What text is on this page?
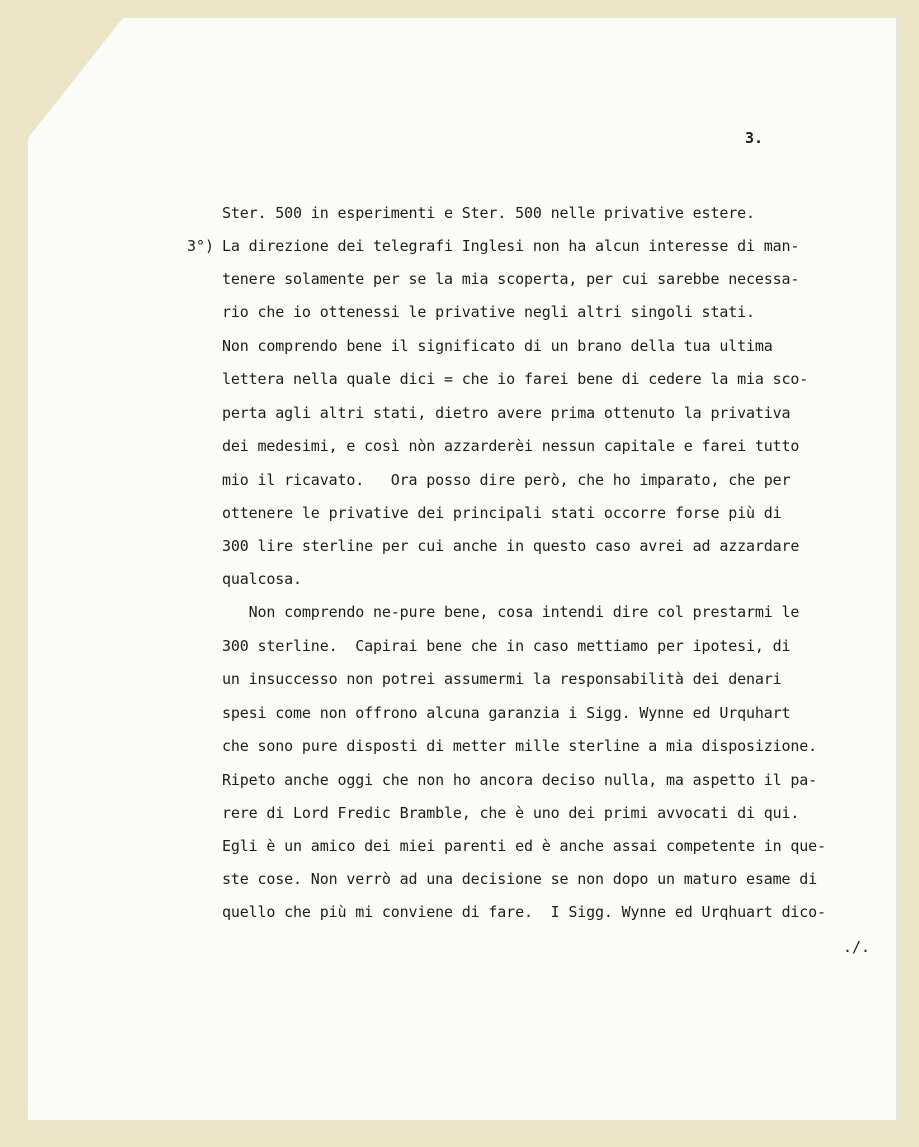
3.
3°)
Ster. 500 in esperimenti e Ster. 500 nelle privative estere.
La direzione dei telegrafi Inglesi non ha alcun interesse di man-
tenere solamente per se la mia scoperta, per cui sarebbe necessa-
rio che io ottenessi le privative negli altri singoli stati.
Non comprendo bene il significato di un brano della tua ultima
lettera nella quale dici = che io farei bene di cedere la mia sco-
perta agli altri stati, dietro avere prima ottenuto la privativa
dei medesimi, e così nòn azzarderèi nessun capitale e farei tutto
mio il ricavato.   Ora posso dire però, che ho imparato, che per
ottenere le privative dei principali stati occorre forse più di
300 lire sterline per cui anche in questo caso avrei ad azzardare
qualcosa.
Non comprendo ne-pure bene, cosa intendi dire col prestarmi le
300 sterline.  Capirai bene che in caso mettiamo per ipotesi, di
un insuccesso non potrei assumermi la responsabilità dei denari
spesi come non offrono alcuna garanzia i Sigg. Wynne ed Urquhart
che sono pure disposti di metter mille sterline a mia disposizione.
Ripeto anche oggi che non ho ancora deciso nulla, ma aspetto il pa-
rere di Lord Fredic Bramble, che è uno dei primi avvocati di qui.
Egli è un amico dei miei parenti ed è anche assai competente in que-
ste cose. Non verrò ad una decisione se non dopo un maturo esame di
quello che più mi conviene di fare.  I Sigg. Wynne ed Urqhuart dico-
./.
